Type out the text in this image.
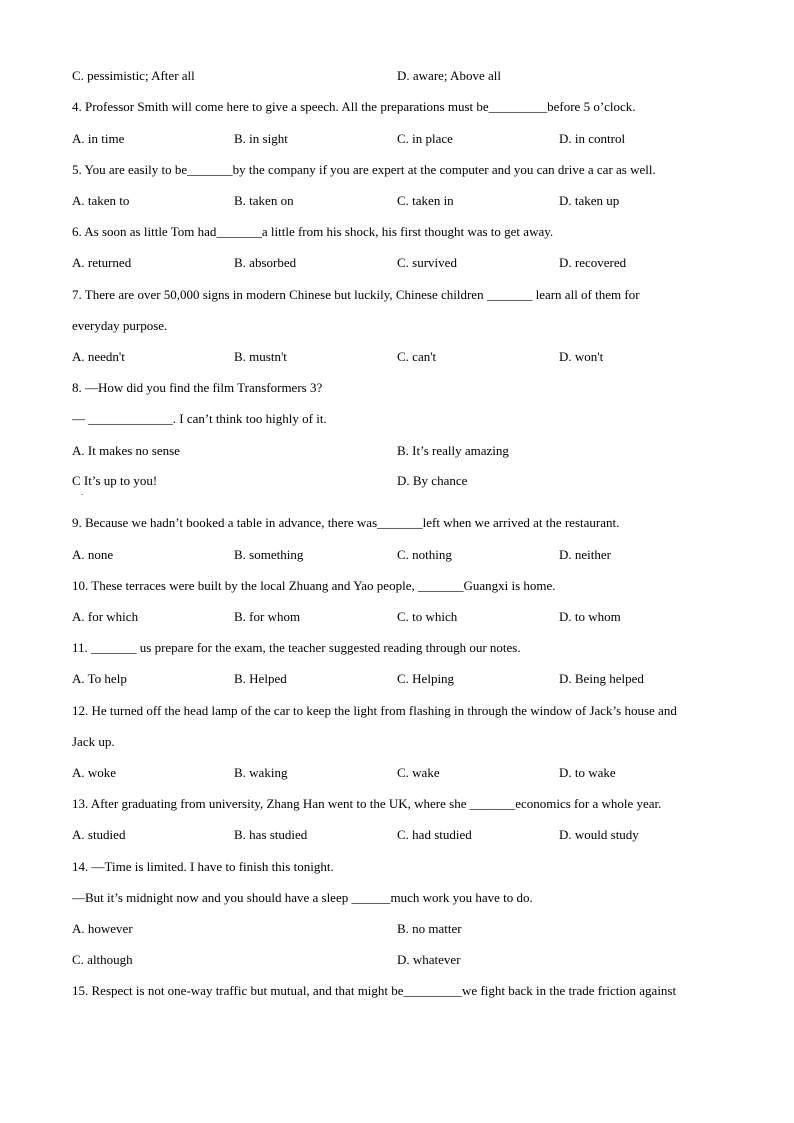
C. pessimistic; After all	D. aware; Above all
4. Professor Smith will come here to give a speech. All the preparations must be_________before 5 o’clock.
A. in time	B. in sight	C. in place	D. in control
5. You are easily to be_______by the company if you are expert at the computer and you can drive a car as well.
A. taken to	B. taken on	C. taken in	D. taken up
6. As soon as little Tom had_______a little from his shock, his first thought was to get away.
A. returned	B. absorbed	C. survived	D. recovered
7. There are over 50,000 signs in modern Chinese but luckily, Chinese children _______ learn all of them for
everyday purpose.
A. needn't	B. mustn't	C. can't	D. won't
8. —How did you find the film Transformers 3?
— _____________. I can’t think too highly of it.
A. It makes no sense	B. It’s really amazing
C It’s up to you!	D. By chance
.
9. Because we hadn’t booked a table in advance, there was_______left when we arrived at the restaurant.
A. none	B. something	C. nothing	D. neither
10. These terraces were built by the local Zhuang and Yao people, _______Guangxi is home.
A. for which	B. for whom	C. to which	D. to whom
11. _______ us prepare for the exam, the teacher suggested reading through our notes.
A. To help	B. Helped	C. Helping	D. Being helped
12. He turned off the head lamp of the car to keep the light from flashing in through the window of Jack’s house and
Jack up.
A. woke	B. waking	C. wake	D. to wake
13. After graduating from university, Zhang Han went to the UK, where she _______economics for a whole year.
A. studied	B. has studied	C. had studied	D. would study
14. —Time is limited. I have to finish this tonight.
—But it’s midnight now and you should have a sleep ______much work you have to do.
A. however	B. no matter
C. although	D. whatever
15. Respect is not one-way traffic but mutual, and that might be_________we fight back in the trade friction against
